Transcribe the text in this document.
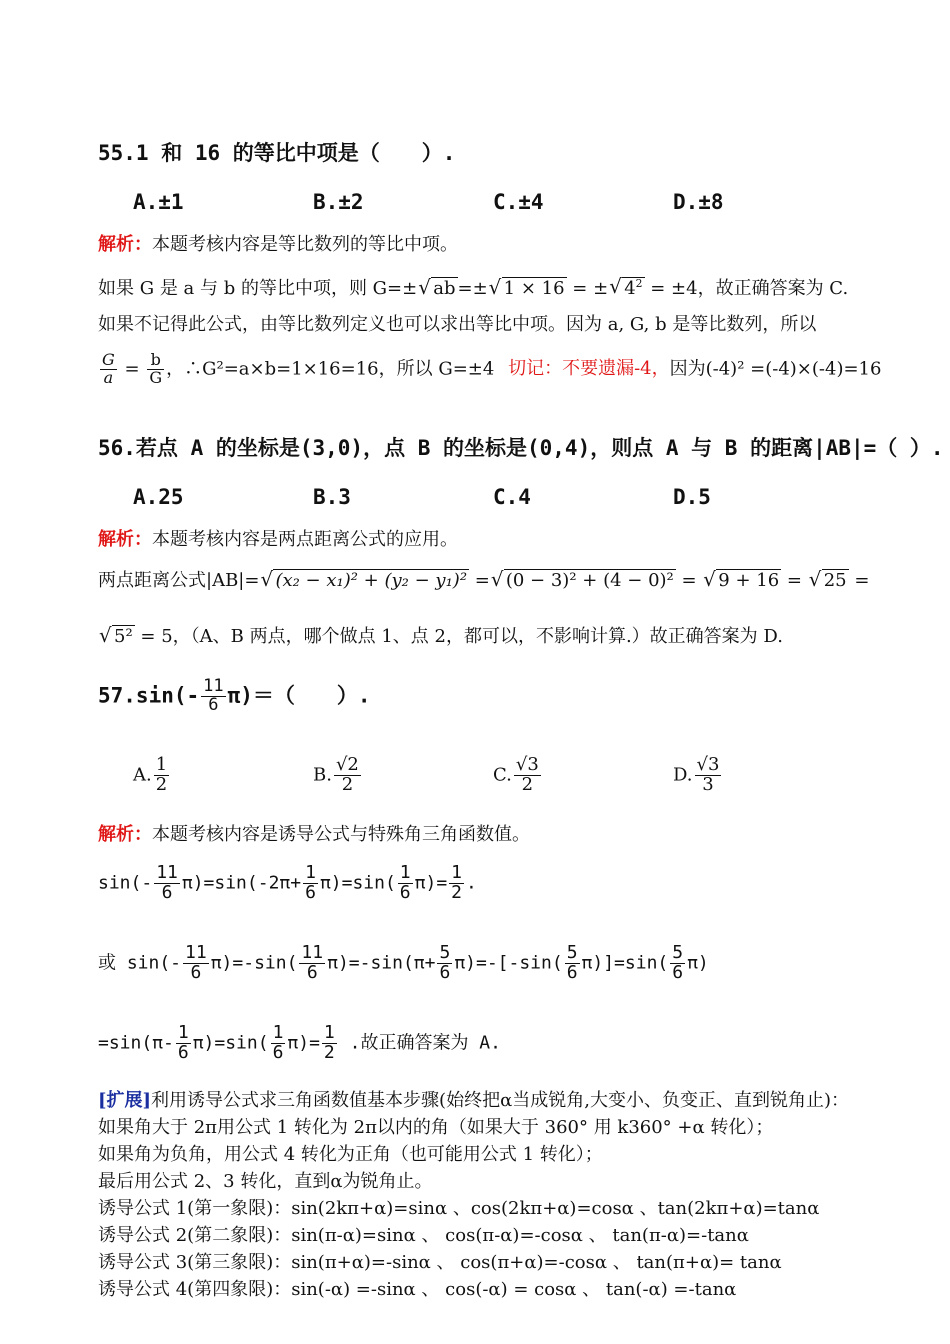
55.1 和 16 的等比中项是（　　）.
A.±1	B.±2	C.±4	D.±8
解析：本题考核内容是等比数列的等比中项。
如果 G 是 a 与 b 的等比中项，则 G=± √ ab =± √ 1 × 16 = ± √ $4^2 = \pm 4$，故正确答案为 C.
如果不记得此公式，由等比数列定义也可以求出等比中项。因为 a, G, b 是等比数列，所以
$\frac{G}{a} = \frac{b}{G}$ ，∴G²=a×b=1×16=16，所以 G=±4 切记：不要遗漏-4，因为(-4)² =(-4)×(-4)=16
56.若点 A 的坐标是(3,0)，点 B 的坐标是(0,4)，则点 A 与 B 的距离|AB|=（ ）.
A.25	B.3	C.4	D.5
解析：本题考核内容是两点距离公式的应用。
两点距离公式|AB|= √ (x₂ − x₁)² + (y₂ − y₁)² = √ (0 − 3)² + (4 − 0)² = √ 9 + 16 = √ 25 =
√ 5² = 5，（A、B 两点，哪个做点 1、点 2，都可以，不影响计算.）故正确答案为 D.
$57.\sin(- \frac{11}{6} \pi)=$（　　）.
A. $\frac{1}{2}$	B. $\frac{√2}{2}$	C. $\frac{√3}{2}$	D. $\frac{√3}{3}$
解析：本题考核内容是诱导公式与特殊角三角函数值。
$\sin(- \frac{11}{6} \pi)=\sin(-2\pi+ \frac{1}{6} \pi)=\sin( \frac{1}{6} \pi)= \frac{1}{2}$ .
或 $\sin(- \frac{11}{6} \pi)=-\sin( \frac{11}{6} \pi)=-\sin(\pi+ \frac{5}{6} \pi)=-[-\sin( \frac{5}{6} \pi)]=\sin( \frac{5}{6} \pi)$
$=\sin(\pi- \frac{1}{6} \pi)=\sin( \frac{1}{6} \pi)= \frac{1}{2}$ .故正确答案为 A.
[扩展]利用诱导公式求三角函数值基本步骤(始终把α当成锐角,大变小、负变正、直到锐角止)：
如果角大于 2π用公式 1 转化为 2π以内的角（如果大于 360° 用 k360° +α 转化）；
如果角为负角，用公式 4 转化为正角（也可能用公式 1 转化）；
最后用公式 2、3 转化，直到α为锐角止。
诱导公式 1(第一象限)：sin(2kπ+α)=sinα 、cos(2kπ+α)=cosα 、tan(2kπ+α)=tanα
诱导公式 2(第二象限)：sin(π-α)=sinα 、 cos(π-α)=-cosα 、 tan(π-α)=-tanα
诱导公式 3(第三象限)：sin(π+α)=-sinα 、 cos(π+α)=-cosα 、 tan(π+α)= tanα
诱导公式 4(第四象限)：sin(-α) =-sinα 、 cos(-α) = cosα 、 tan(-α) =-tanα
